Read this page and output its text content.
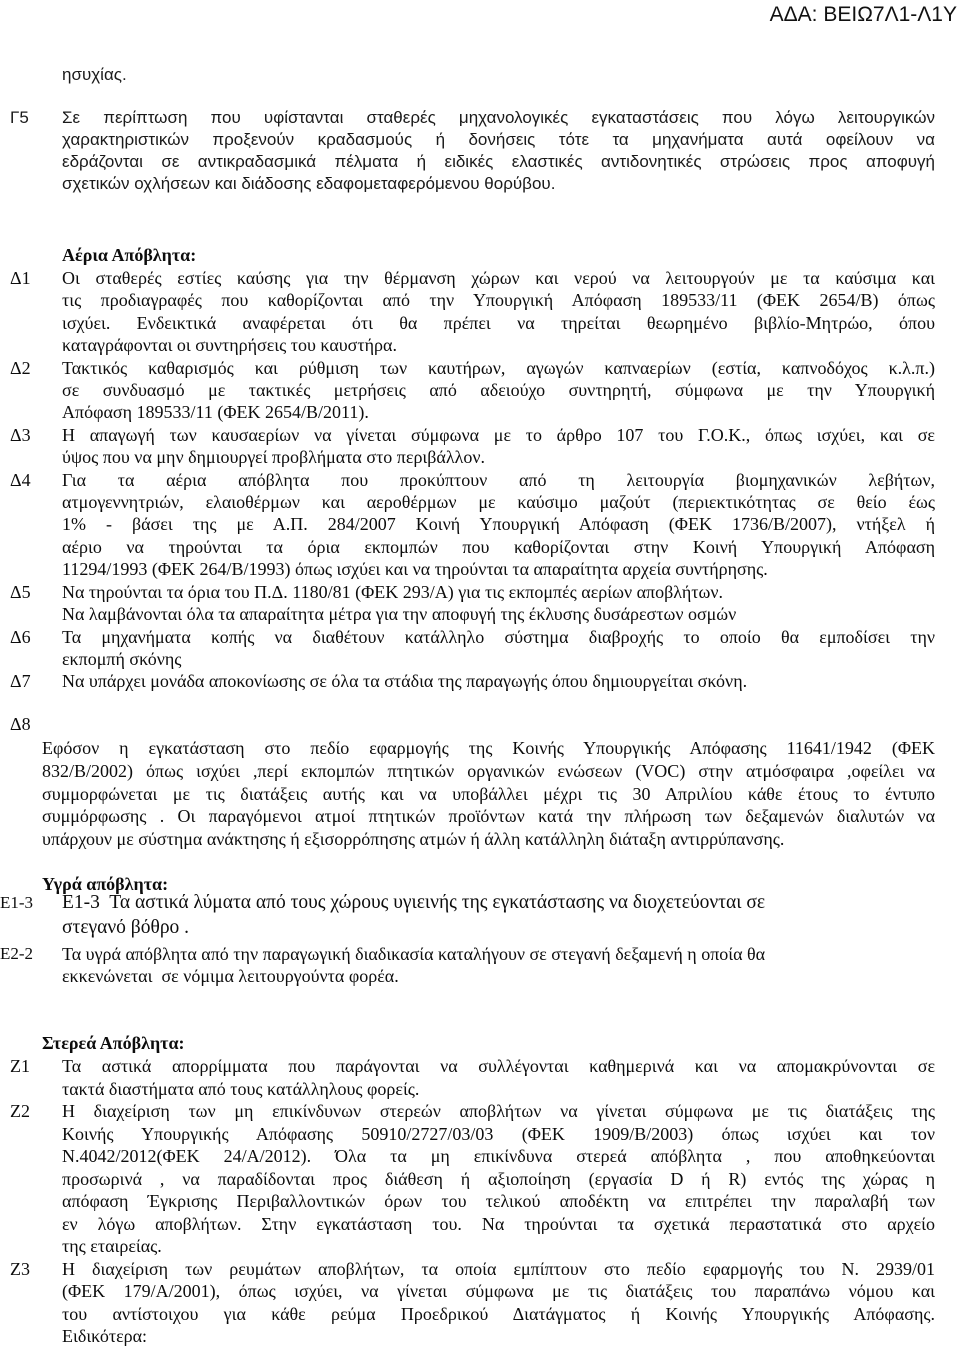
ΑΔΑ: ΒΕΙΩ7Λ1-Λ1Υ
ησυχίας.
Γ5 Σε περίπτωση που υφίστανται σταθερές μηχανολογικές εγκαταστάσεις που λόγω λειτουργικών
χαρακτηριστικών προξενούν κραδασμούς ή δονήσεις τότε τα μηχανήματα αυτά οφείλουν να
εδράζονται σε αντικραδασμικά πέλματα ή ειδικές ελαστικές αντιδονητικές στρώσεις προς αποφυγή
σχετικών οχλήσεων και διάδοσης εδαφομεταφερόμενου θορύβου.
Αέρια Απόβλητα:
Δ1 Οι σταθερές εστίες καύσης για την θέρμανση χώρων και νερού να λειτουργούν με τα καύσιμα και
τις προδιαγραφές που καθορίζονται από την Υπουργική Απόφαση 189533/11 (ΦΕΚ 2654/Β) όπως
ισχύει. Ενδεικτικά αναφέρεται ότι θα πρέπει να τηρείται θεωρημένο βιβλίο-Μητρώο, όπου
καταγράφονται οι συντηρήσεις του καυστήρα.
Δ2 Τακτικός καθαρισμός και ρύθμιση των καυτήρων, αγωγών καπναερίων (εστία, καπνοδόχος κ.λ.π.)
σε συνδυασμό με τακτικές μετρήσεις από αδειούχο συντηρητή, σύμφωνα με την Υπουργική
Απόφαση 189533/11 (ΦΕΚ 2654/Β/2011).
Δ3 Η απαγωγή των καυσαερίων να γίνεται σύμφωνα με το άρθρο 107 του Γ.Ο.Κ., όπως ισχύει, και σε
ύψος που να μην δημιουργεί προβλήματα στο περιβάλλον.
Δ4 Για τα αέρια απόβλητα που προκύπτουν από τη λειτουργία βιομηχανικών λεβήτων,
ατμογεννητριών, ελαιοθέρμων και αεροθέρμων με καύσιμο μαζούτ (περιεκτικότητας σε θείο έως
1% - βάσει της με Α.Π. 284/2007 Κοινή Υπουργική Απόφαση (ΦΕΚ 1736/Β/2007), ντήξελ ή
αέριο να τηρούνται τα όρια εκπομπών που καθορίζονται στην Κοινή Υπουργική Απόφαση
11294/1993 (ΦΕΚ 264/Β/1993) όπως ισχύει και να τηρούνται τα απαραίτητα αρχεία συντήρησης.
Δ5 Να τηρούνται τα όρια του Π.Δ. 1180/81 (ΦΕΚ 293/Α) για τις εκπομπές αερίων αποβλήτων.
Να λαμβάνονται όλα τα απαραίτητα μέτρα για την αποφυγή της έκλυσης δυσάρεστων οσμών
Δ6 Τα μηχανήματα κοπής να διαθέτουν κατάλληλο σύστημα διαβροχής το οποίο θα εμποδίσει την
εκπομπή σκόνης
Δ7 Να υπάρχει μονάδα αποκονίωσης σε όλα τα στάδια της παραγωγής όπου δημιουργείται σκόνη.
Δ8
Εφόσον η εγκατάσταση στο πεδίο εφαρμογής της Κοινής Υπουργικής Απόφασης 11641/1942 (ΦΕΚ
832/Β/2002) όπως ισχύει ,περί εκπομπών πτητικών οργανικών ενώσεων (VOC) στην ατμόσφαιρα ,οφείλει να
συμμορφώνεται με τις διατάξεις αυτής και να υποβάλλει μέχρι τις 30 Απριλίου κάθε έτους το έντυπο
συμμόρφωσης . Οι παραγόμενοι ατμοί πτητικών προϊόντων κατά την πλήρωση των δεξαμενών διαλυτών να
υπάρχουν με σύστημα ανάκτησης ή εξισορρόπησης ατμών ή άλλη κατάλληλη διάταξη αντιρρύπανσης.
Υγρά απόβλητα:
Ε1-3 Ε1-3  Τα αστικά λύματα από τους χώρους υγιεινής της εγκατάστασης να διοχετεύονται σε
στεγανό βόθρο .
Ε2-2 Τα υγρά απόβλητα από την παραγωγική διαδικασία καταλήγουν σε στεγανή δεξαμενή η οποία θα
εκκενώνεται  σε νόμιμα λειτουργούντα φορέα.
Στερεά Απόβλητα:
Ζ1 Τα αστικά απορρίμματα που παράγονται να συλλέγονται καθημερινά και να απομακρύνονται σε
τακτά διαστήματα από τους κατάλληλους φορείς.
Ζ2 Η διαχείριση των μη επικίνδυνων στερεών αποβλήτων να γίνεται σύμφωνα με τις διατάξεις της
Κοινής Υπουργικής Απόφασης 50910/2727/03/03 (ΦΕΚ 1909/Β/2003) όπως ισχύει και τον
Ν.4042/2012(ΦΕΚ 24/Α/2012). Όλα τα μη επικίνδυνα στερεά απόβλητα , που αποθηκεύονται
προσωρινά , να παραδίδονται προς διάθεση ή αξιοποίηση (εργασία D ή R) εντός της χώρας η
απόφαση Έγκρισης Περιβαλλοντικών όρων του τελικού αποδέκτη να επιτρέπει την παραλαβή των
εν λόγω αποβλήτων. Στην εγκατάσταση του. Να τηρούνται τα σχετικά περαστατικά στο αρχείο
της εταιρείας.
Ζ3 Η διαχείριση των ρευμάτων αποβλήτων, τα οποία εμπίπτουν στο πεδίο εφαρμογής του Ν. 2939/01
(ΦΕΚ 179/Α/2001), όπως ισχύει, να γίνεται σύμφωνα με τις διατάξεις του παραπάνω νόμου και
του αντίστοιχου για κάθε ρεύμα Προεδρικού Διατάγματος ή Κοινής Υπουργικής Απόφασης.
Ειδικότερα:
